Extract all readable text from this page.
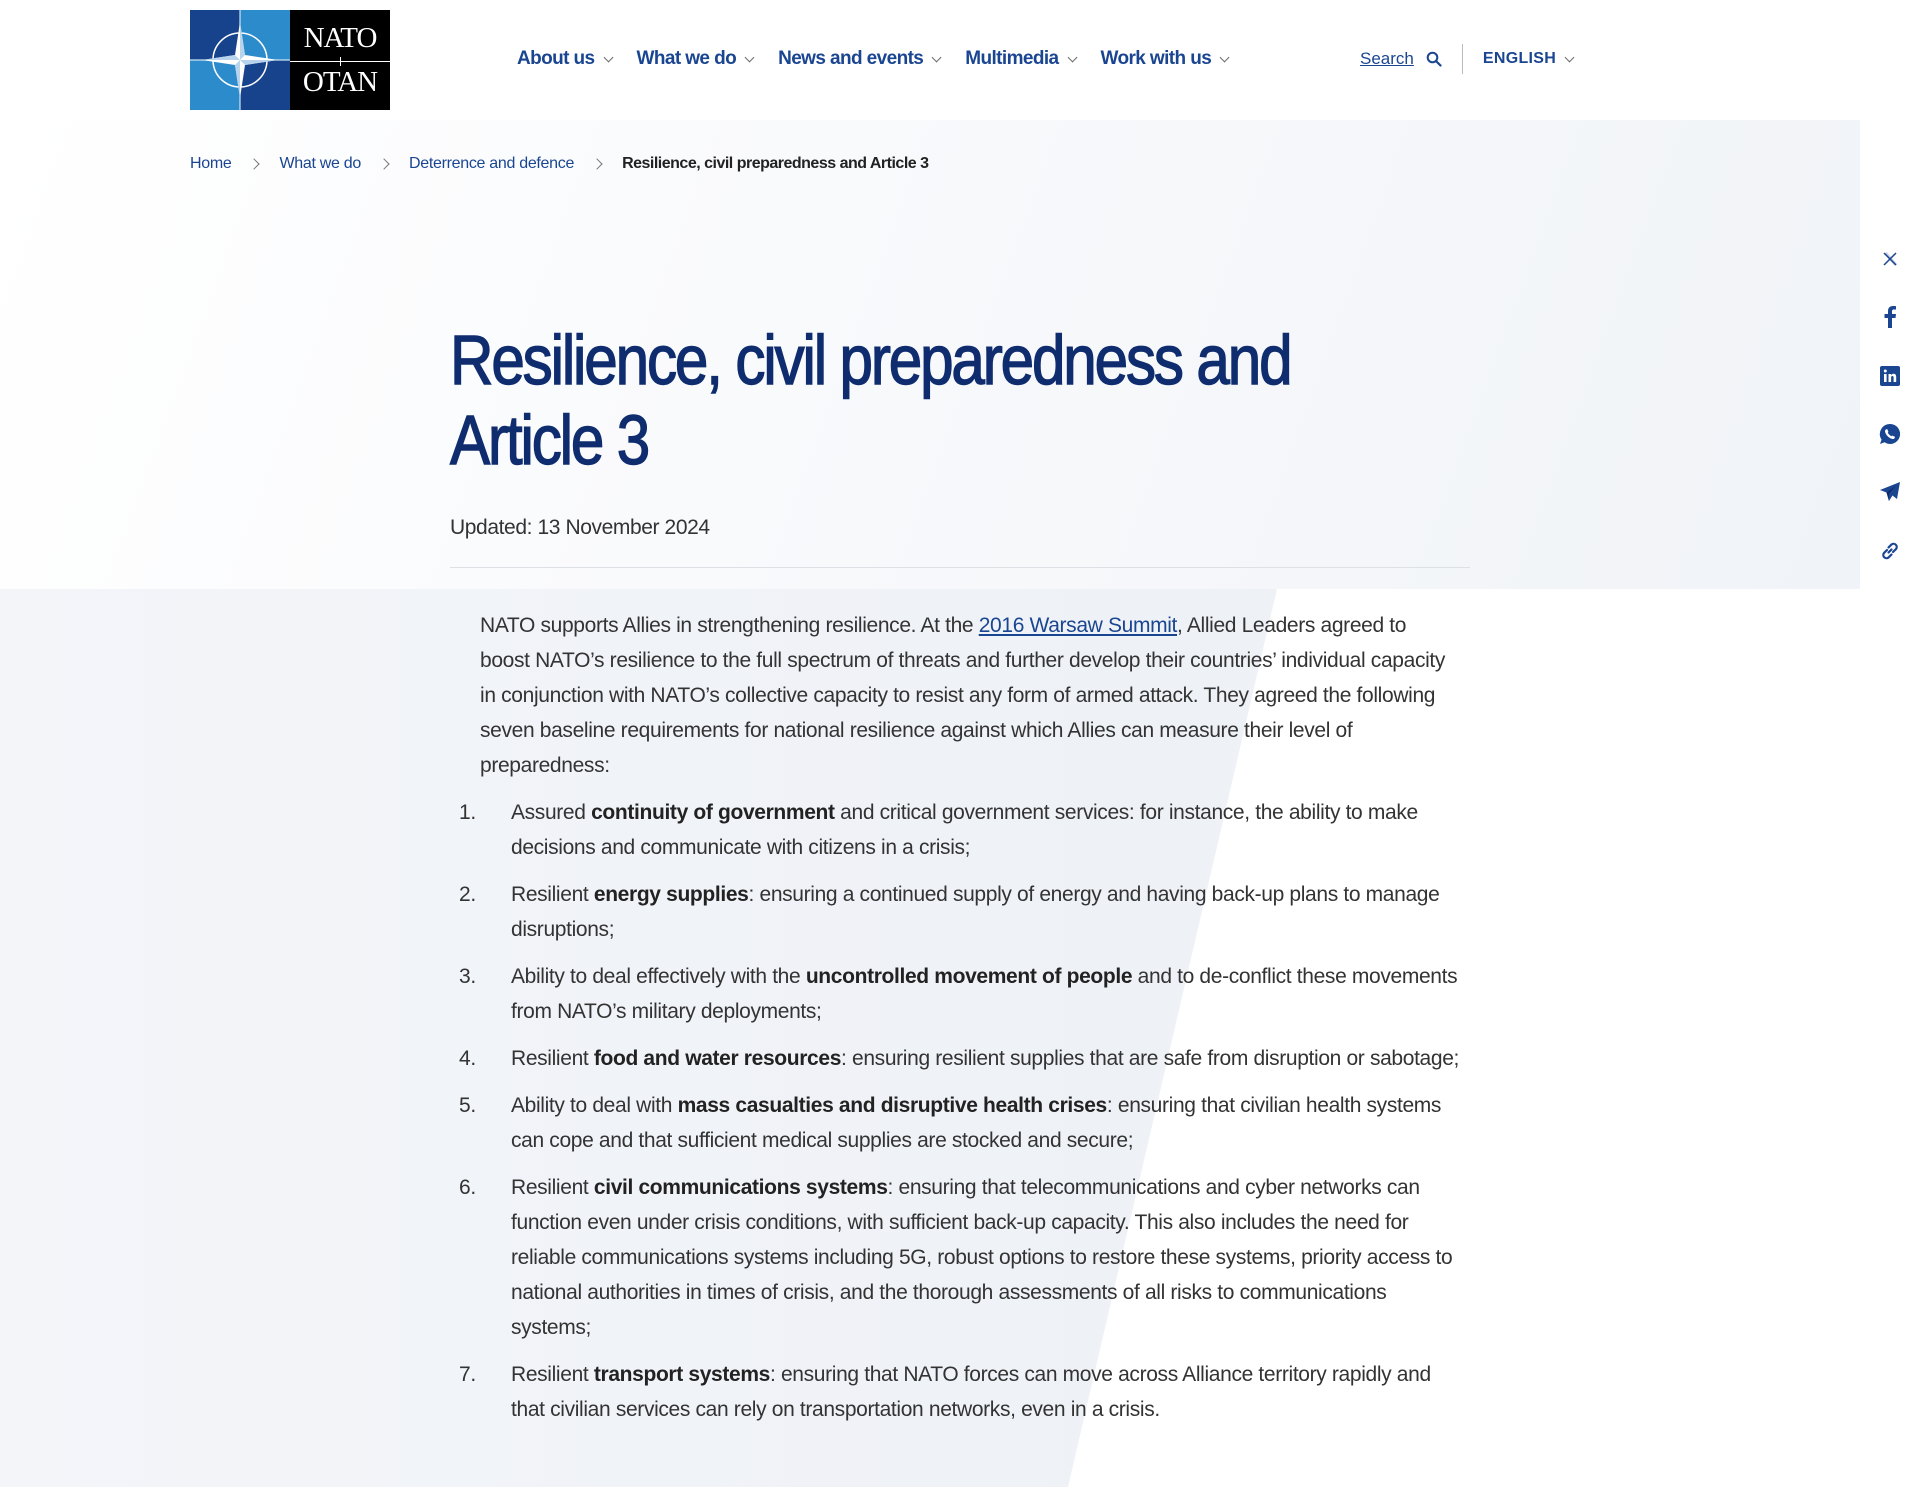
NATO
OTAN
About us What we do News and events Multimedia Work with us	Search	ENGLISH
Home	What we do	Deterrence and defence	Resilience, civil preparedness and Article 3
Resilience, civil preparedness and
Article 3
Updated: 13 November 2024

NATO supports Allies in strengthening resilience. At the 2016 Warsaw Summit, Allied Leaders agreed to boost NATO’s resilience to the full spectrum of threats and further develop their countries’ individual capacity in conjunction with NATO’s collective capacity to resist any form of armed attack. They agreed the following seven baseline requirements for national resilience against which Allies can measure their level of preparedness:

1.	Assured continuity of government and critical government services: for instance, the ability to make decisions and communicate with citizens in a crisis;
2.	Resilient energy supplies: ensuring a continued supply of energy and having back-up plans to manage disruptions;
3.	Ability to deal effectively with the uncontrolled movement of people and to de-conflict these movements from NATO’s military deployments;
4.	Resilient food and water resources: ensuring resilient supplies that are safe from disruption or sabotage;
5.	Ability to deal with mass casualties and disruptive health crises: ensuring that civilian health systems can cope and that sufficient medical supplies are stocked and secure;
6.	Resilient civil communications systems: ensuring that telecommunications and cyber networks can function even under crisis conditions, with sufficient back-up capacity. This also includes the need for reliable communications systems including 5G, robust options to restore these systems, priority access to national authorities in times of crisis, and the thorough assessments of all risks to communications systems;
7.	Resilient transport systems: ensuring that NATO forces can move across Alliance territory rapidly and that civilian services can rely on transportation networks, even in a crisis.
